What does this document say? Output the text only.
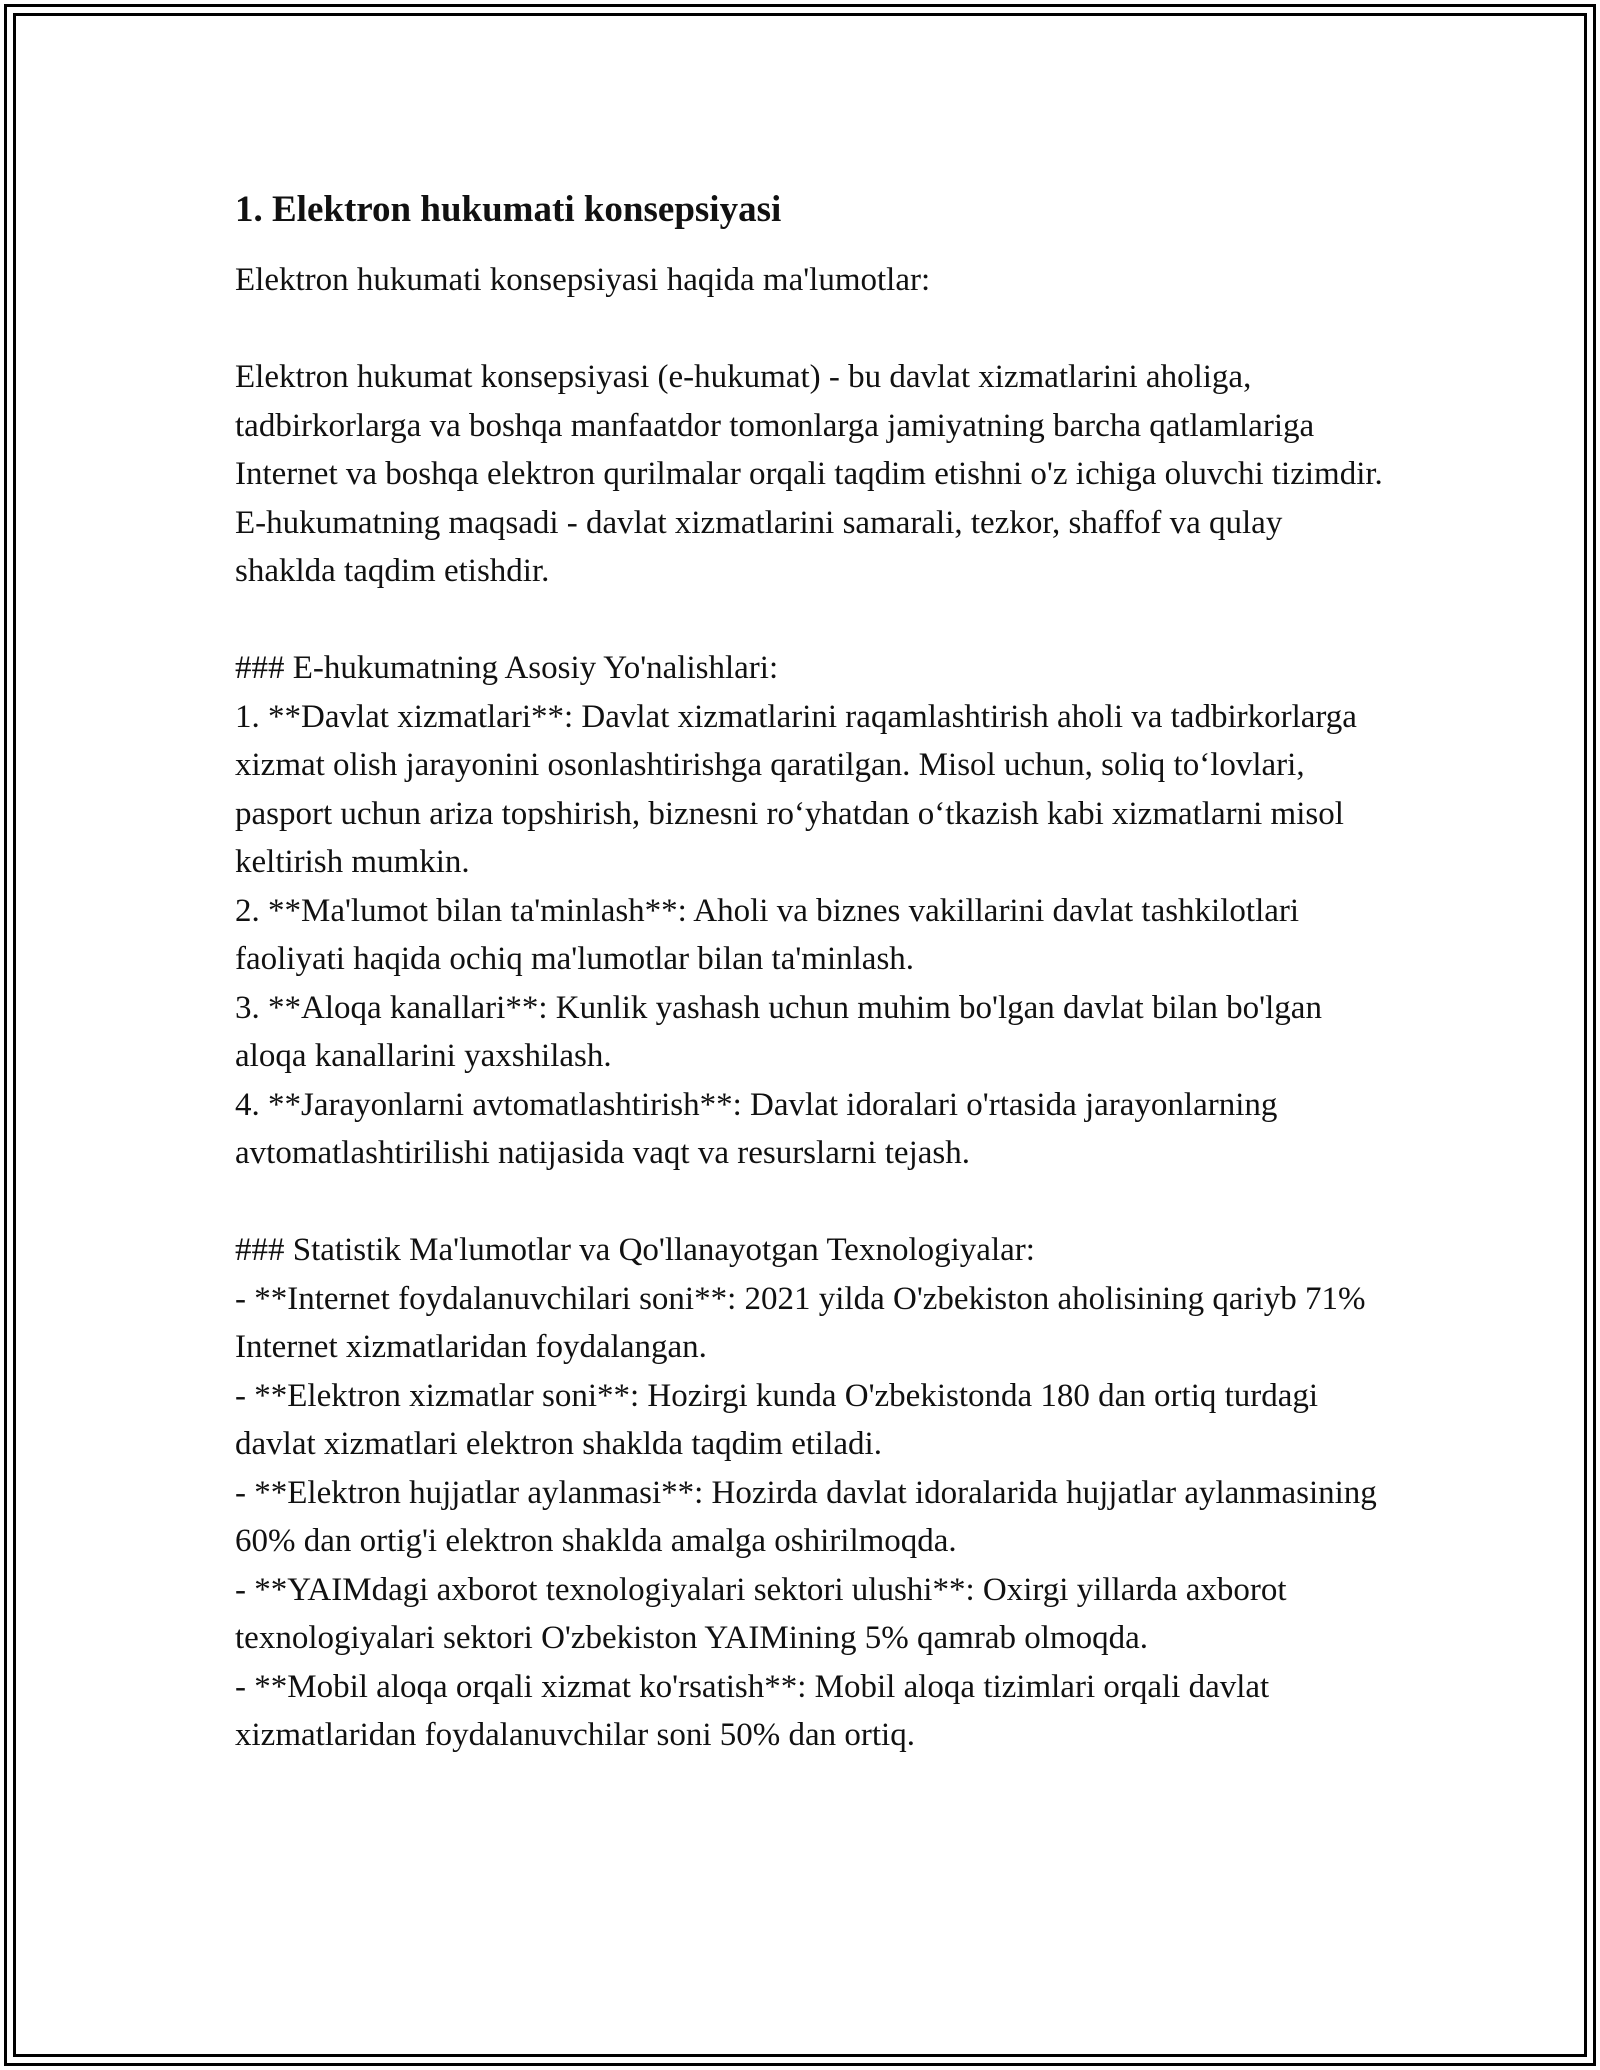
1. Elektron hukumati konsepsiyasi

Elektron hukumati konsepsiyasi haqida ma'lumotlar:

Elektron hukumat konsepsiyasi (e-hukumat) - bu davlat xizmatlarini aholiga, tadbirkorlarga va boshqa manfaatdor tomonlarga jamiyatning barcha qatlamlariga Internet va boshqa elektron qurilmalar orqali taqdim etishni o'z ichiga oluvchi tizimdir. E-hukumatning maqsadi - davlat xizmatlarini samarali, tezkor, shaffof va qulay shaklda taqdim etishdir.

### E-hukumatning Asosiy Yo'nalishlari:

1. **Davlat xizmatlari**: Davlat xizmatlarini raqamlashtirish aholi va tadbirkorlarga xizmat olish jarayonini osonlashtirishga qaratilgan. Misol uchun, soliq to‘lovlari, pasport uchun ariza topshirish, biznesni ro‘yhatdan o‘tkazish kabi xizmatlarni misol keltirish mumkin.

2. **Ma'lumot bilan ta'minlash**: Aholi va biznes vakillarini davlat tashkilotlari faoliyati haqida ochiq ma'lumotlar bilan ta'minlash.

3. **Aloqa kanallari**: Kunlik yashash uchun muhim bo'lgan davlat bilan bo'lgan aloqa kanallarini yaxshilash.

4. **Jarayonlarni avtomatlashtirish**: Davlat idoralari o'rtasida jarayonlarning avtomatlashtirilishi natijasida vaqt va resurslarni tejash.

### Statistik Ma'lumotlar va Qo'llanayotgan Texnologiyalar:

- **Internet foydalanuvchilari soni**: 2021 yilda O'zbekiston aholisining qariyb 71% Internet xizmatlaridan foydalangan.

- **Elektron xizmatlar soni**: Hozirgi kunda O'zbekistonda 180 dan ortiq turdagi davlat xizmatlari elektron shaklda taqdim etiladi.

- **Elektron hujjatlar aylanmasi**: Hozirda davlat idoralarida hujjatlar aylanmasining 60% dan ortig'i elektron shaklda amalga oshirilmoqda.

- **YAIMdagi axborot texnologiyalari sektori ulushi**: Oxirgi yillarda axborot texnologiyalari sektori O'zbekiston YAIMining 5% qamrab olmoqda.

- **Mobil aloqa orqali xizmat ko'rsatish**: Mobil aloqa tizimlari orqali davlat xizmatlaridan foydalanuvchilar soni 50% dan ortiq.
